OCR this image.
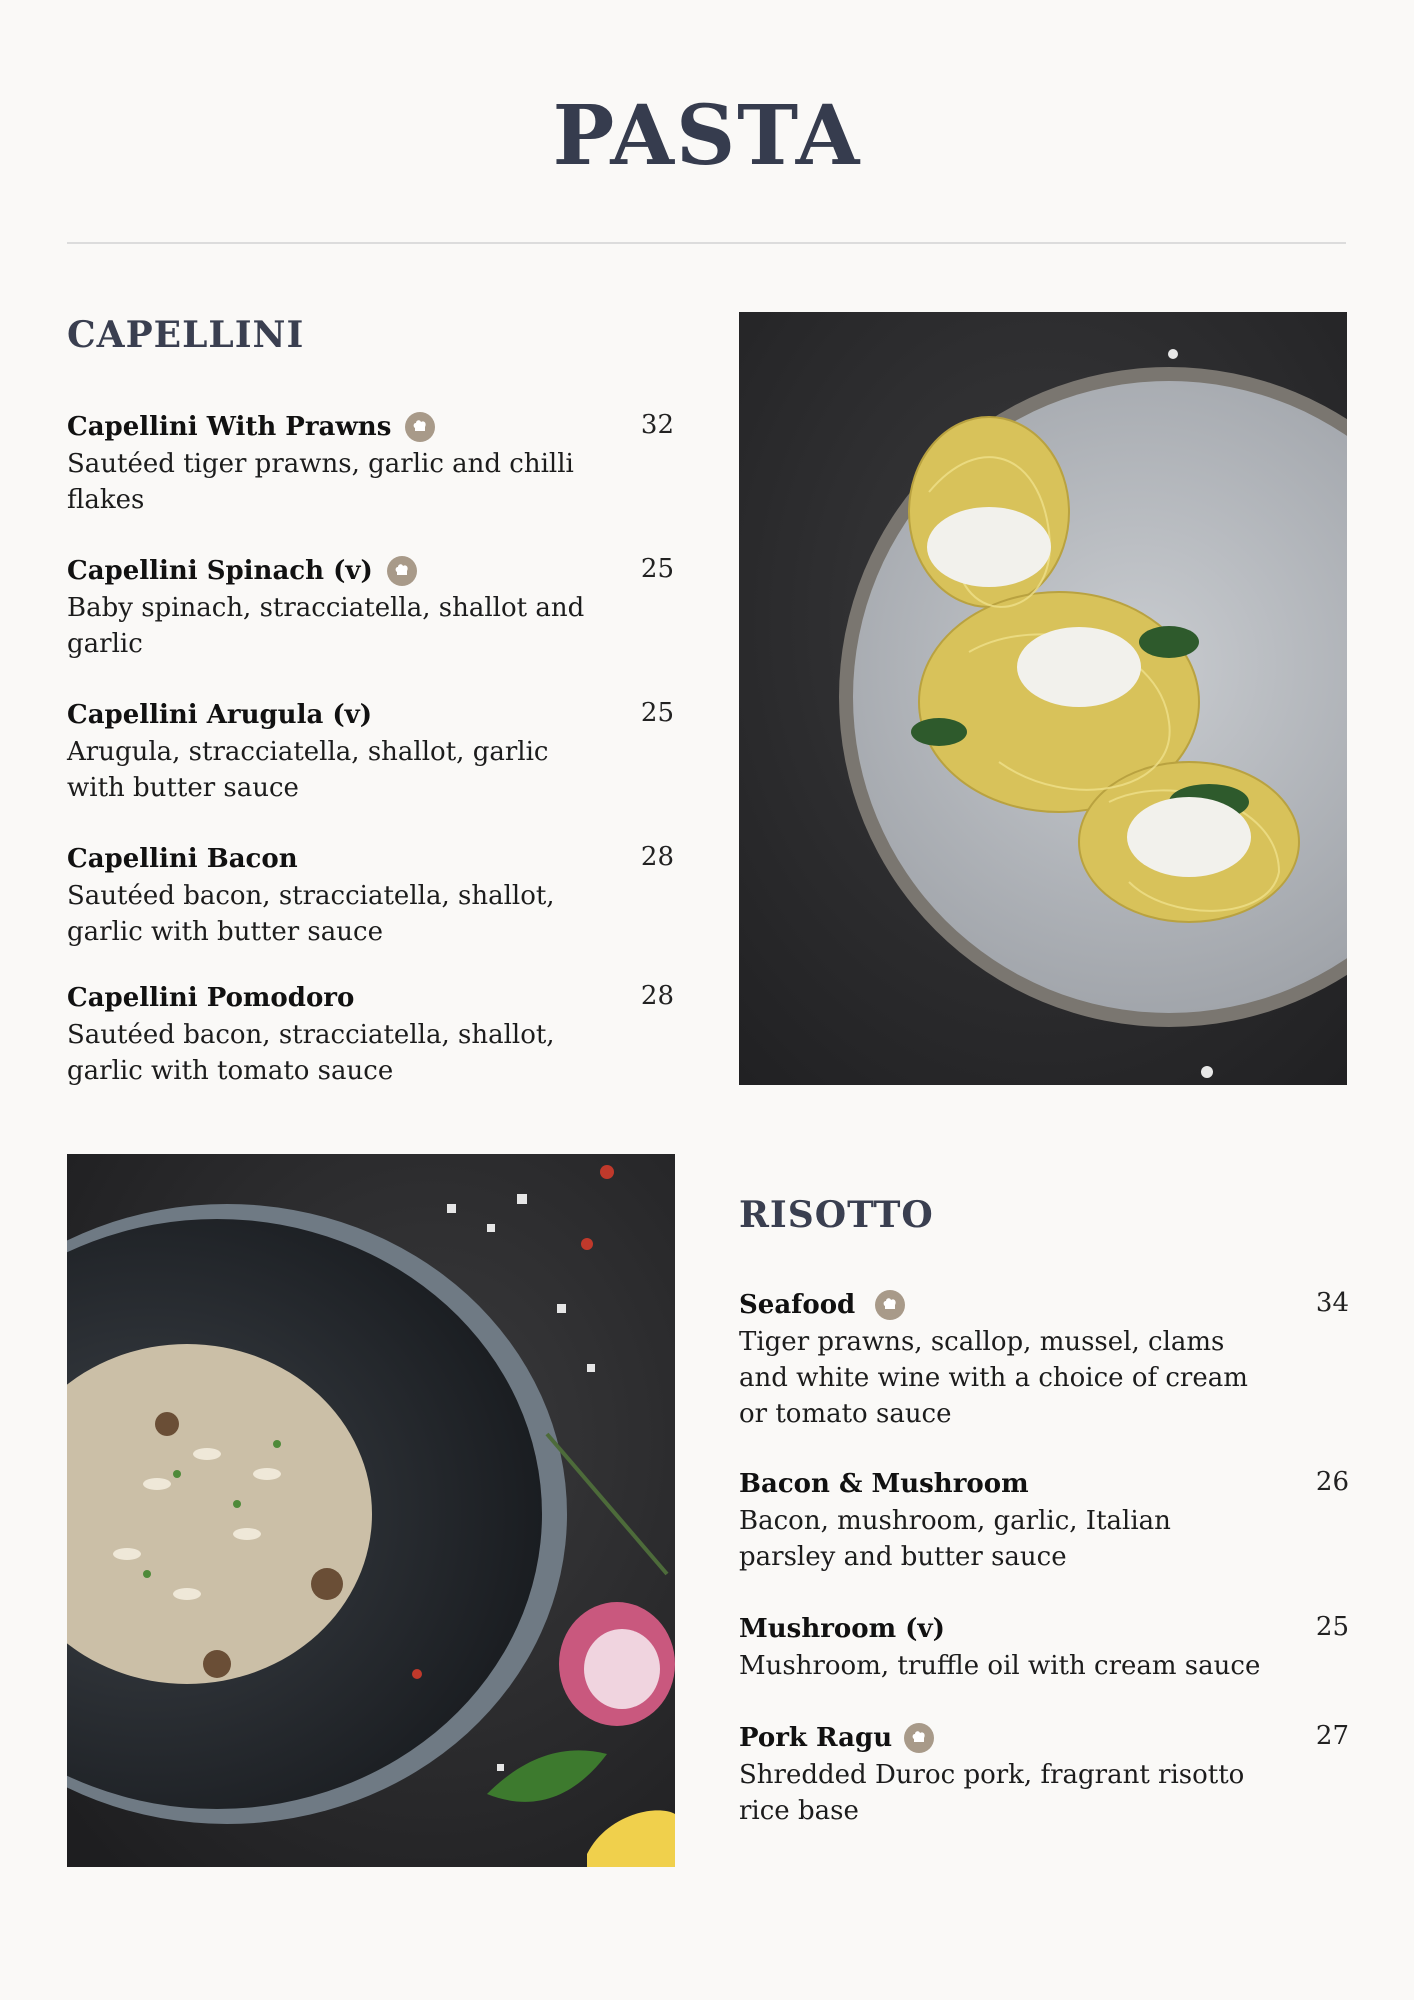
PASTA
CAPELLINI
Capellini With Prawns	32
Sautéed tiger prawns, garlic and chilli
flakes
Capellini Spinach (v)	25
Baby spinach, stracciatella, shallot and
garlic
Capellini Arugula (v)	25
Arugula, stracciatella, shallot, garlic
with butter sauce
Capellini Bacon	28
Sautéed bacon, stracciatella, shallot,
garlic with butter sauce
Capellini Pomodoro	28
Sautéed bacon, stracciatella, shallot,
garlic with tomato sauce
RISOTTO
Seafood	34
Tiger prawns, scallop, mussel, clams
and white wine with a choice of cream
or tomato sauce
Bacon & Mushroom	26
Bacon, mushroom, garlic, Italian
parsley and butter sauce
Mushroom (v)	25
Mushroom, truffle oil with cream sauce
Pork Ragu	27
Shredded Duroc pork, fragrant risotto
rice base
